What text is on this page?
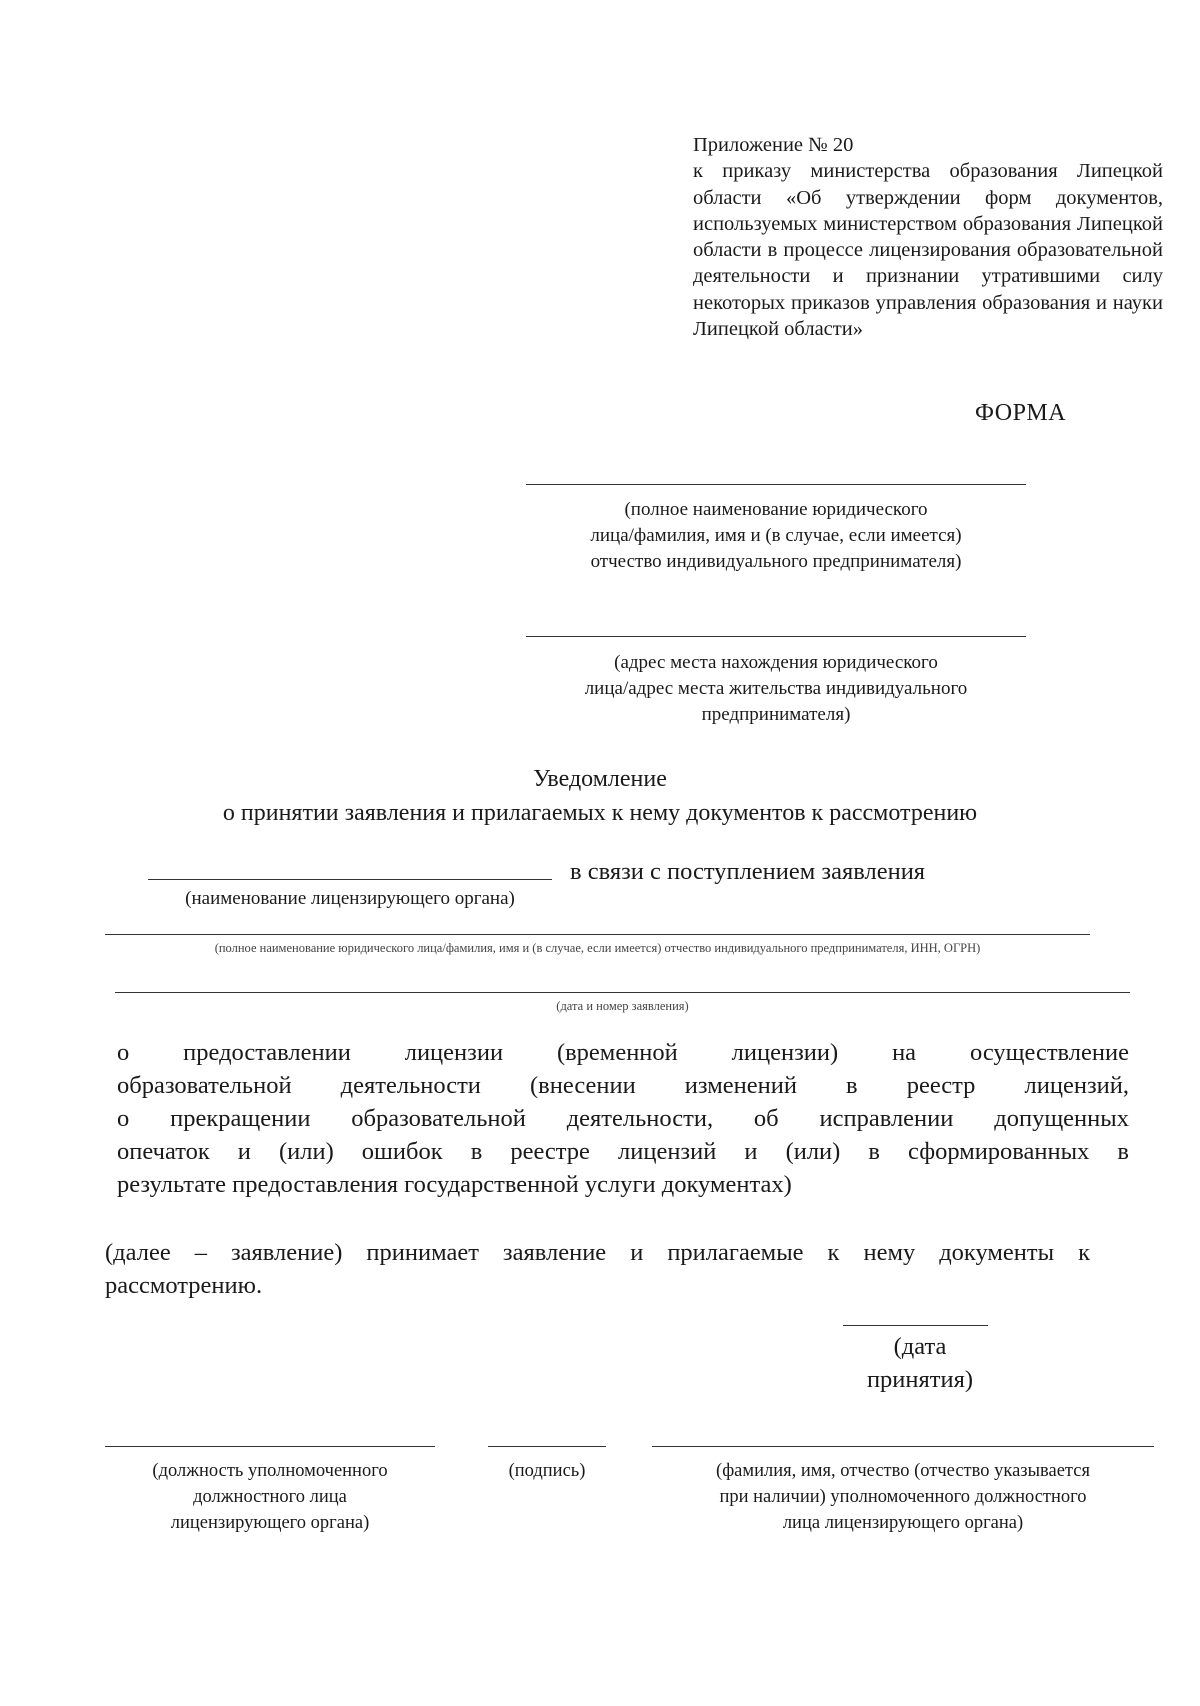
Приложение № 20
к приказу министерства образования Липецкой области «Об утверждении форм документов, используемых министерством образования Липецкой области в процессе лицензирования образовательной деятельности и признании утратившими силу некоторых приказов управления образования и науки Липецкой области»
ФОРМА
(полное наименование юридического
лица/фамилия, имя и (в случае, если имеется)
отчество индивидуального предпринимателя)
(адрес места нахождения юридического
лица/адрес места жительства индивидуального
предпринимателя)
Уведомление
о принятии заявления и прилагаемых к нему документов к рассмотрению
в связи с поступлением заявления
(наименование лицензирующего органа)
(полное наименование юридического лица/фамилия, имя и (в случае, если имеется) отчество индивидуального предпринимателя, ИНН, ОГРН)
(дата и номер заявления)
о предоставлении лицензии (временной лицензии) на осуществление
образовательной деятельности (внесении изменений в реестр лицензий,
о прекращении образовательной деятельности, об исправлении допущенных
опечаток и (или) ошибок в реестре лицензий и (или) в сформированных в
результате предоставления государственной услуги документах)
(далее – заявление) принимает заявление и прилагаемые к нему документы к
рассмотрению.
(дата
принятия)
(должность уполномоченного
должностного лица
лицензирующего органа)
(подпись)	(фамилия, имя, отчество (отчество указывается
при наличии) уполномоченного должностного
лица лицензирующего органа)
